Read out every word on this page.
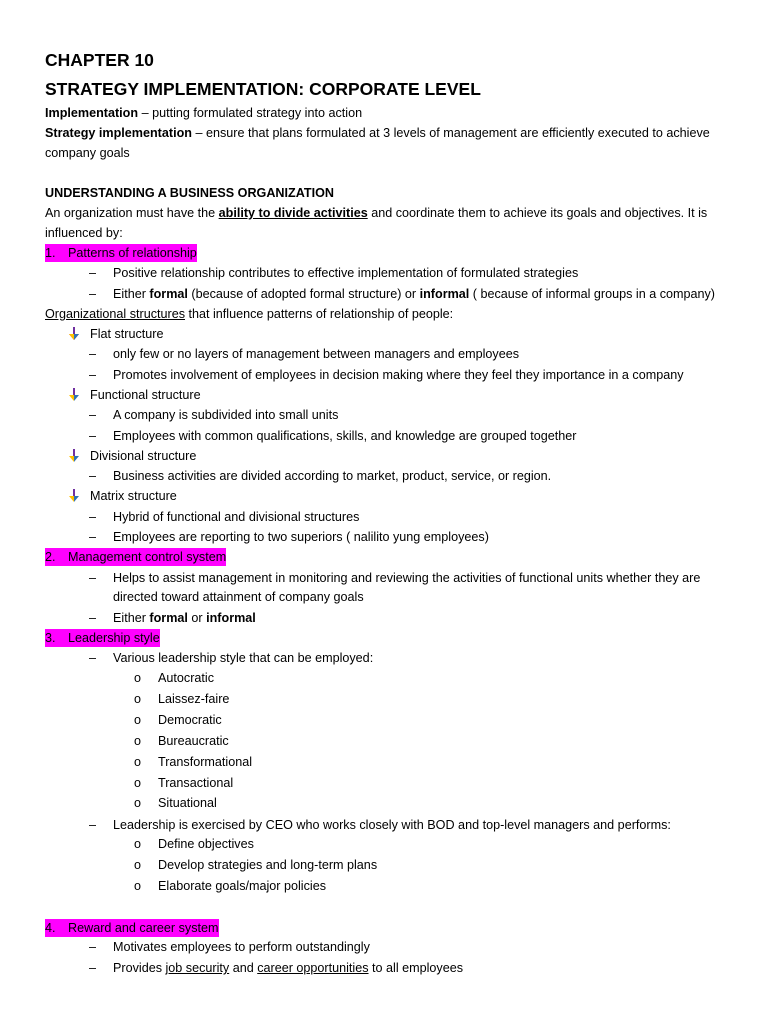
CHAPTER 10
STRATEGY IMPLEMENTATION: CORPORATE LEVEL
Implementation – putting formulated strategy into action
Strategy implementation – ensure that plans formulated at 3 levels of management are efficiently executed to achieve
company goals
UNDERSTANDING A BUSINESS ORGANIZATION
An organization must have the ability to divide activities and coordinate them to achieve its goals and objectives. It is
influenced by:
1. Patterns of relationship
– Positive relationship contributes to effective implementation of formulated strategies
– Either formal (because of adopted formal structure) or informal ( because of informal groups in a company)
Organizational structures that influence patterns of relationship of people:
Flat structure
– only few or no layers of management between managers and employees
– Promotes involvement of employees in decision making where they feel they importance in a company
Functional structure
– A company is subdivided into small units
– Employees with common qualifications, skills, and knowledge are grouped together
Divisional structure
– Business activities are divided according to market, product, service, or region.
Matrix structure
– Hybrid of functional and divisional structures
– Employees are reporting to two superiors ( nalilito yung employees)
2. Management control system
– Helps to assist management in monitoring and reviewing the activities of functional units whether they are
directed toward attainment of company goals
– Either formal or informal
3. Leadership style
– Various leadership style that can be employed:
o Autocratic
o Laissez-faire
o Democratic
o Bureaucratic
o Transformational
o Transactional
o Situational
– Leadership is exercised by CEO who works closely with BOD and top-level managers and performs:
o Define objectives
o Develop strategies and long-term plans
o Elaborate goals/major policies
4. Reward and career system
– Motivates employees to perform outstandingly
– Provides job security and career opportunities to all employees
